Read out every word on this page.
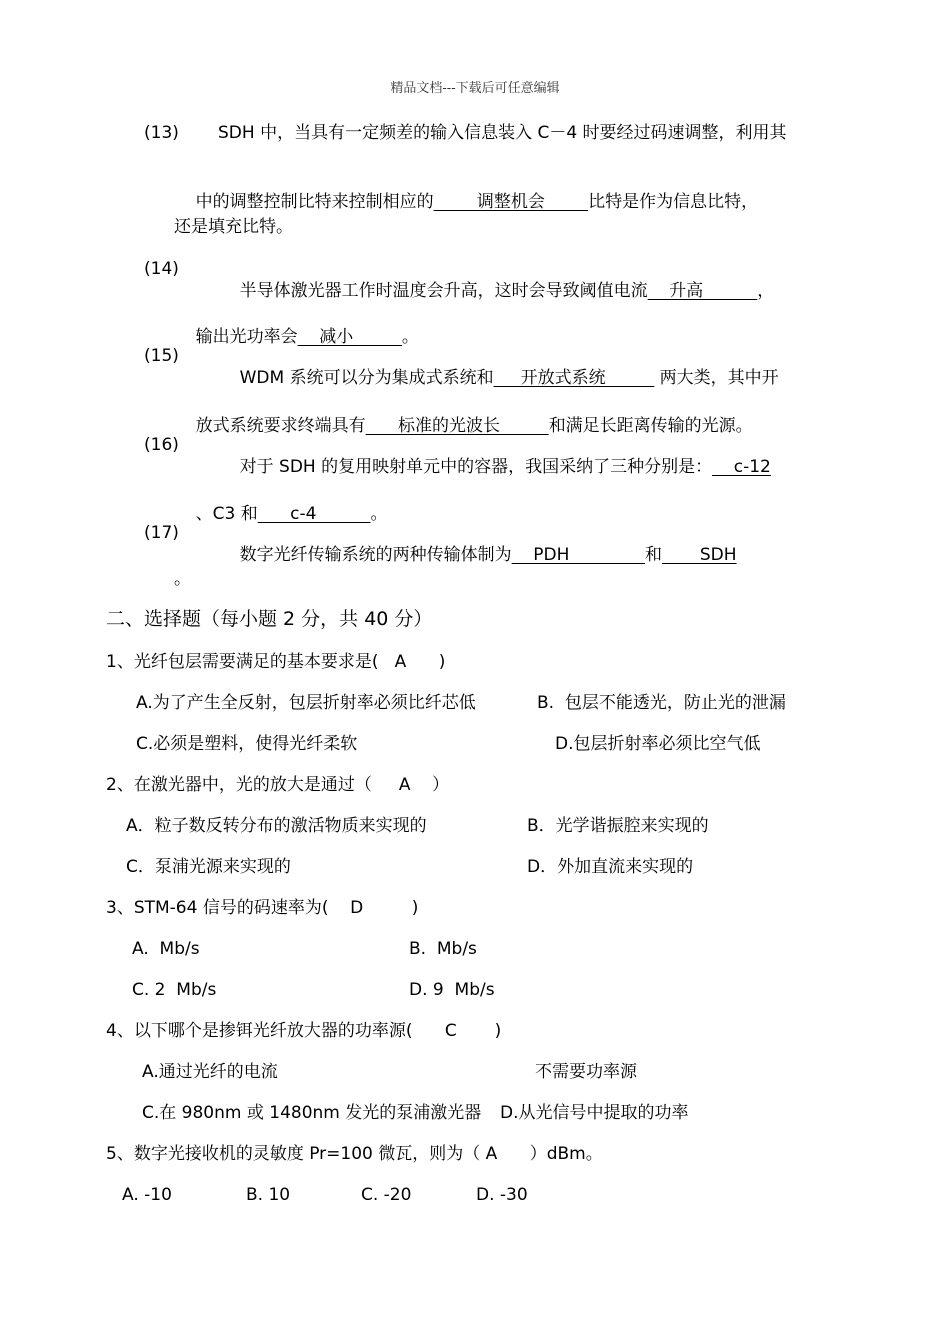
精品文档---下载后可任意编辑
(13) SDH 中，当具有一定频差的输入信息装入 C－4 时要经过码速调整，利用其

中的调整控制比特来控制相应的        调整机会        比特是作为信息比特，

还是填充比特。
(14)

半导体激光器工作时温度会升高，这时会导致阈值电流    升高          ，

输出光功率会    减小         。

(15)

WDM 系统可以分为集成式系统和     开放式系统          两大类，其中开

放式系统要求终端具有      标准的光波长         和满足长距离传输的光源。

(16)

对于 SDH 的复用映射单元中的容器，我国采纳了三种分别是：    c-12

、C3 和      c-4          。

(17)

数字光纤传输系统的两种传输体制为    PDH              和       SDH

。
二、选择题（每小题 2 分，共 40 分）
1、光纤包层需要满足的基本要求是(   A      )
A.为了产生全反射，包层折射率必须比纤芯低	B.  包层不能透光，防止光的泄漏
C.必须是塑料，使得光纤柔软	D.包层折射率必须比空气低
2、在激光器中，光的放大是通过（     A    ）
A．粒子数反转分布的激活物质来实现的	B．光学谐振腔来实现的
C．泵浦光源来实现的	D．外加直流来实现的
3、STM-64 信号的码速率为(    D         )
A.  Mb/s	B.  Mb/s
C. 2  Mb/s	D. 9  Mb/s
4、以下哪个是掺铒光纤放大器的功率源(      C       )
A.通过光纤的电流	不需要功率源
C.在 980nm 或 1480nm 发光的泵浦激光器 D.从光信号中提取的功率
5、数字光接收机的灵敏度 Pr=100 微瓦，则为（ A      ）dBm。
A. -10	B. 10	C. -20	D. -30
